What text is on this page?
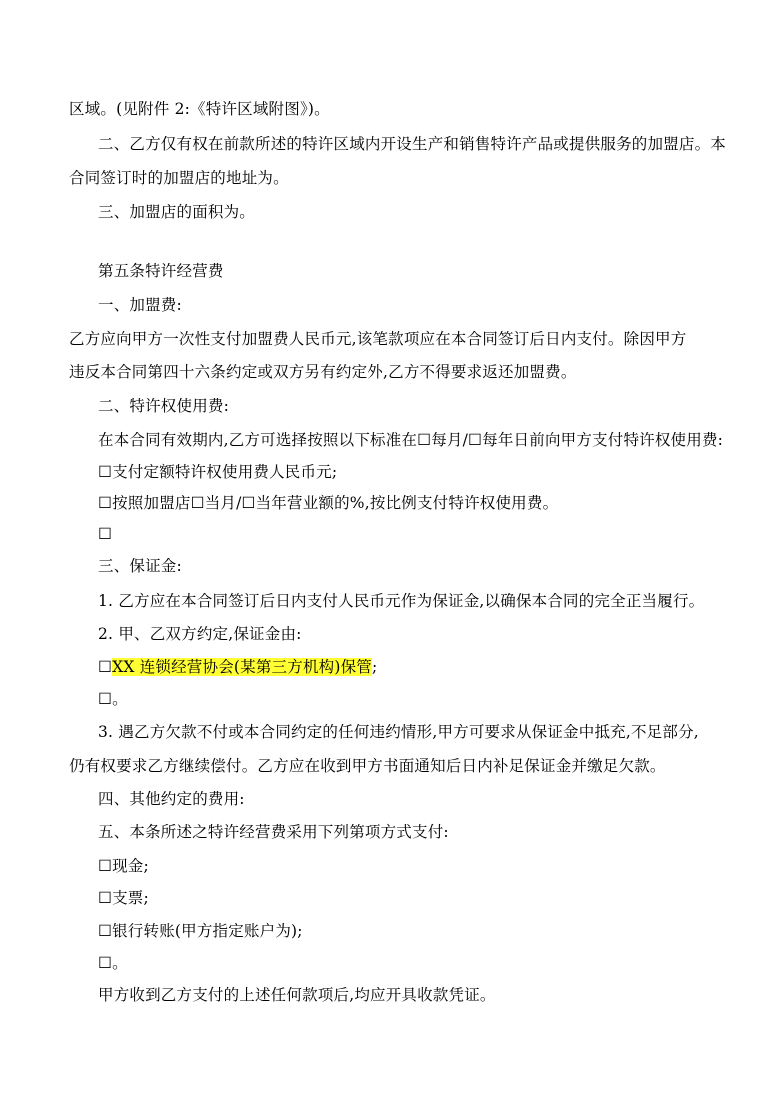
区域。(见附件 2:《特许区域附图》)。
二、乙方仅有权在前款所述的特许区域内开设生产和销售特许产品或提供服务的加盟店。本
合同签订时的加盟店的地址为。
三、加盟店的面积为。
第五条特许经营费
一、加盟费:
乙方应向甲方一次性支付加盟费人民币元,该笔款项应在本合同签订后日内支付。除因甲方
违反本合同第四十六条约定或双方另有约定外,乙方不得要求返还加盟费。
二、特许权使用费:
在本合同有效期内,乙方可选择按照以下标准在☐每月/☐每年日前向甲方支付特许权使用费:
☐支付定额特许权使用费人民币元;
☐按照加盟店☐当月/☐当年营业额的%,按比例支付特许权使用费。
☐
三、保证金:
1. 乙方应在本合同签订后日内支付人民币元作为保证金,以确保本合同的完全正当履行。
2. 甲、乙双方约定,保证金由:
☐XX 连锁经营协会(某第三方机构)保管;
☐。
3. 遇乙方欠款不付或本合同约定的任何违约情形,甲方可要求从保证金中抵充,不足部分,
仍有权要求乙方继续偿付。乙方应在收到甲方书面通知后日内补足保证金并缴足欠款。
四、其他约定的费用:
五、本条所述之特许经营费采用下列第项方式支付:
☐现金;
☐支票;
☐银行转账(甲方指定账户为);
☐。
甲方收到乙方支付的上述任何款项后,均应开具收款凭证。
